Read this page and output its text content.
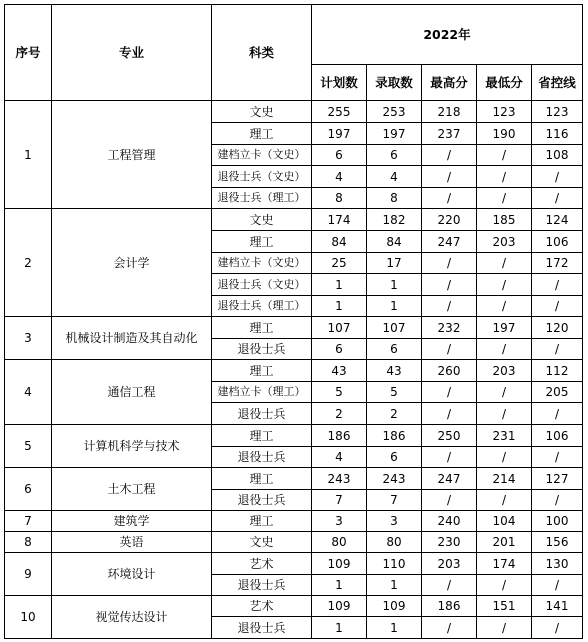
序号	专业	科类	2022年				
			计划数	录取数	最高分	最低分	省控线
1	工程管理	文史	255	253	218	123	123
		理工	197	197	237	190	116
		建档立卡（文史）	6	6	/	/	108
		退役士兵（文史）	4	4	/	/	/
		退役士兵（理工）	8	8	/	/	/
2	会计学	文史	174	182	220	185	124
		理工	84	84	247	203	106
		建档立卡（文史）	25	17	/	/	172
		退役士兵（文史）	1	1	/	/	/
		退役士兵（理工）	1	1	/	/	/
3	机械设计制造及其自动化	理工	107	107	232	197	120
		退役士兵	6	6	/	/	/
4	通信工程	理工	43	43	260	203	112
		建档立卡（理工）	5	5	/	/	205
		退役士兵	2	2	/	/	/
5	计算机科学与技术	理工	186	186	250	231	106
		退役士兵	4	6	/	/	/
6	土木工程	理工	243	243	247	214	127
		退役士兵	7	7	/	/	/
7	建筑学	理工	3	3	240	104	100
8	英语	文史	80	80	230	201	156
9	环境设计	艺术	109	110	203	174	130
		退役士兵	1	1	/	/	/
10	视觉传达设计	艺术	109	109	186	151	141
		退役士兵	1	1	/	/	/
